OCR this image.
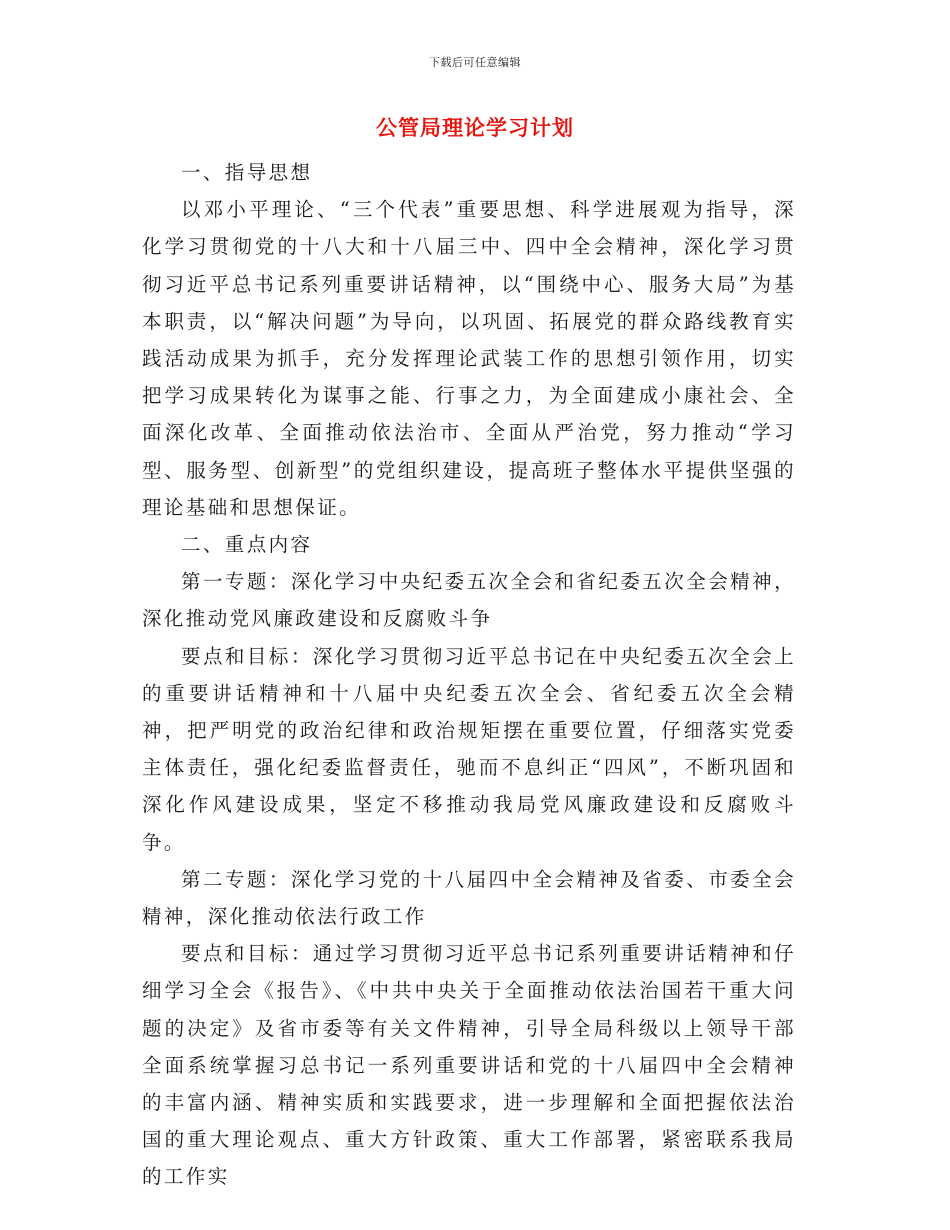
下载后可任意编辑
公管局理论学习计划

一、指导思想

以邓小平理论、“三个代表”重要思想、科学进展观为指导，深化学习贯彻党的十八大和十八届三中、四中全会精神，深化学习贯彻习近平总书记系列重要讲话精神，以“围绕中心、服务大局”为基本职责，以“解决问题”为导向，以巩固、拓展党的群众路线教育实践活动成果为抓手，充分发挥理论武装工作的思想引领作用，切实把学习成果转化为谋事之能、行事之力，为全面建成小康社会、全面深化改革、全面推动依法治市、全面从严治党，努力推动“学习型、服务型、创新型”的党组织建设，提高班子整体水平提供坚强的理论基础和思想保证。

二、重点内容

第一专题：深化学习中央纪委五次全会和省纪委五次全会精神，深化推动党风廉政建设和反腐败斗争

要点和目标：深化学习贯彻习近平总书记在中央纪委五次全会上的重要讲话精神和十八届中央纪委五次全会、省纪委五次全会精神，把严明党的政治纪律和政治规矩摆在重要位置，仔细落实党委主体责任，强化纪委监督责任，驰而不息纠正“四风”，不断巩固和深化作风建设成果，坚定不移推动我局党风廉政建设和反腐败斗争。

第二专题：深化学习党的十八届四中全会精神及省委、市委全会精神，深化推动依法行政工作

要点和目标：通过学习贯彻习近平总书记系列重要讲话精神和仔细学习全会《报告》、《中共中央关于全面推动依法治国若干重大问题的决定》及省市委等有关文件精神，引导全局科级以上领导干部全面系统掌握习总书记一系列重要讲话和党的十八届四中全会精神的丰富内涵、精神实质和实践要求，进一步理解和全面把握依法治国的重大理论观点、重大方针政策、重大工作部署，紧密联系我局的工作实
